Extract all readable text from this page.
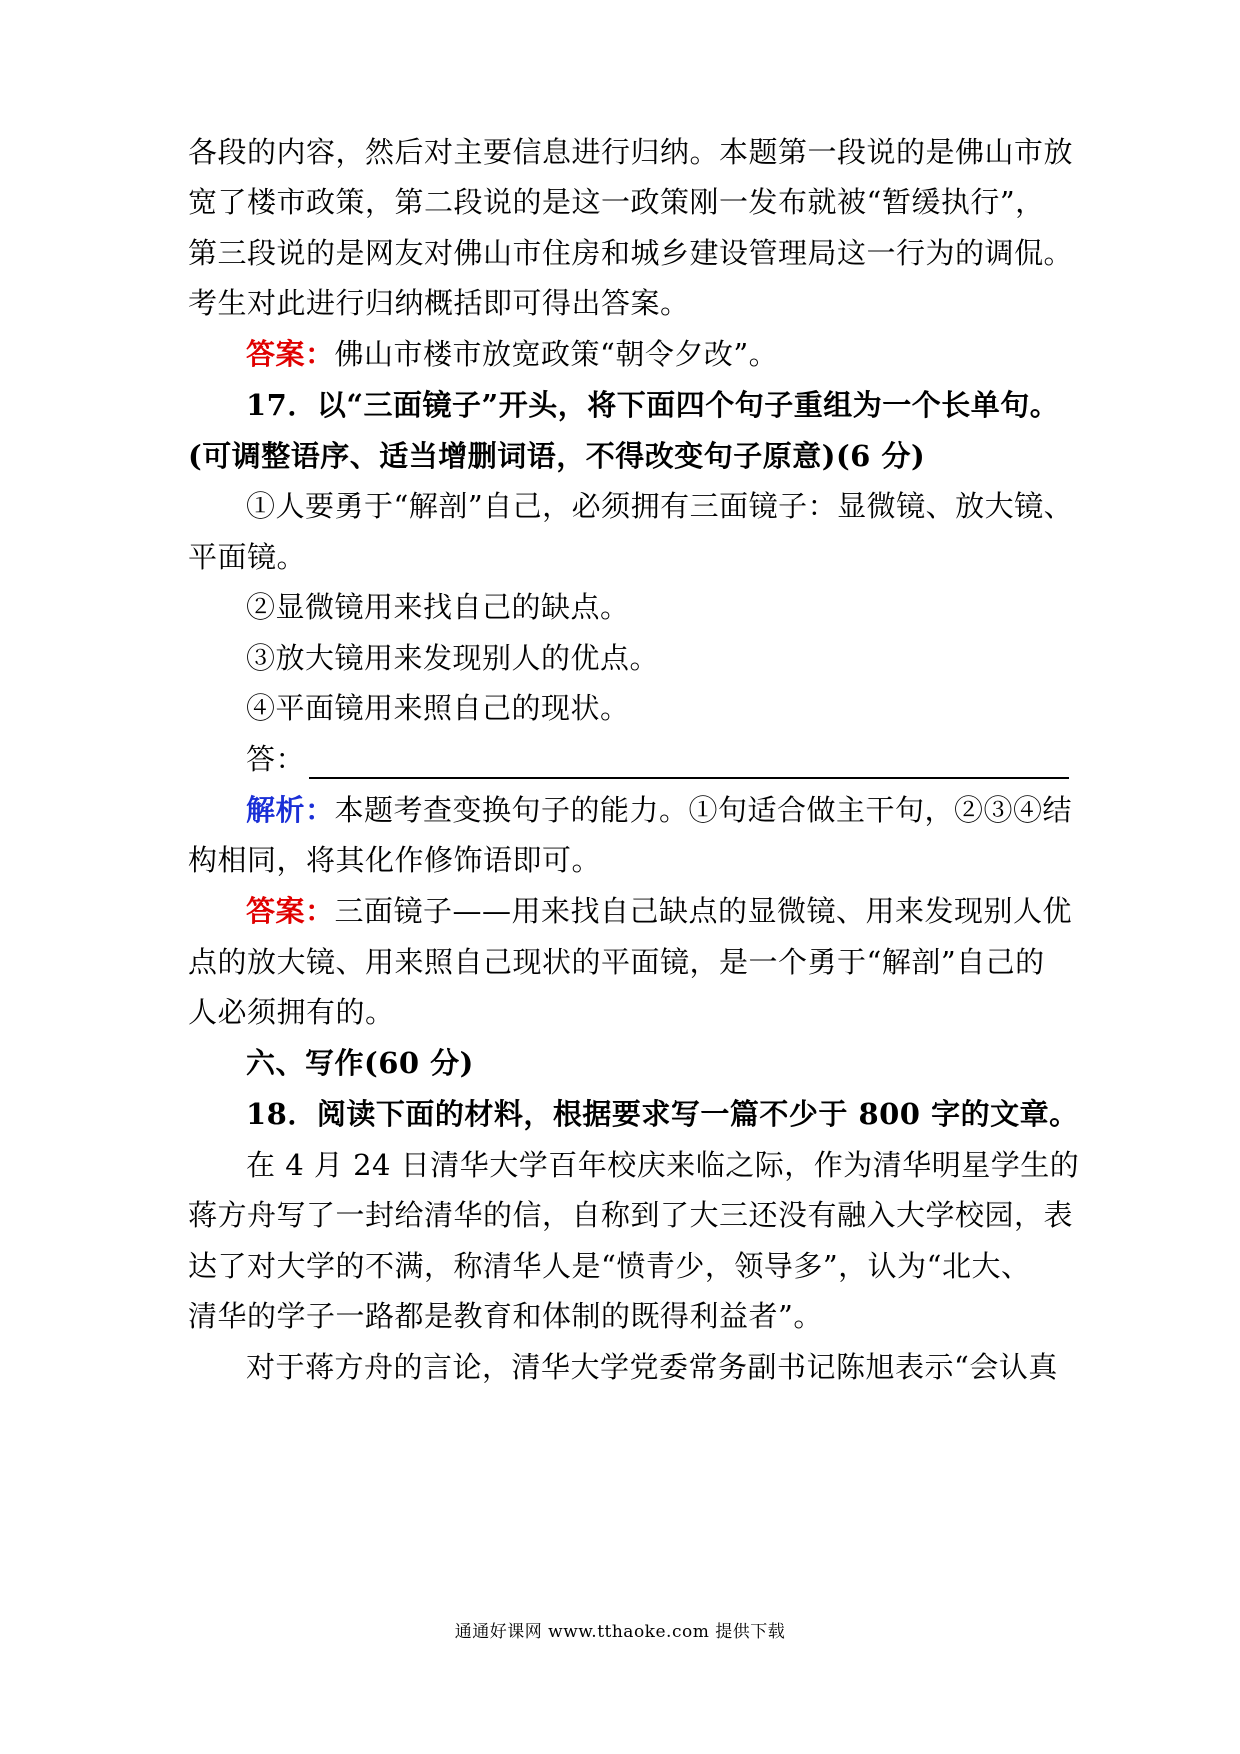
各段的内容，然后对主要信息进行归纳。本题第一段说的是佛山市放
宽了楼市政策，第二段说的是这一政策刚一发布就被“暂缓执行”，
第三段说的是网友对佛山市住房和城乡建设管理局这一行为的调侃。
考生对此进行归纳概括即可得出答案。
答案：佛山市楼市放宽政策“朝令夕改”。
17．以“三面镜子”开头，将下面四个句子重组为一个长单句。
(可调整语序、适当增删词语，不得改变句子原意)(6 分)
①人要勇于“解剖”自己，必须拥有三面镜子：显微镜、放大镜、
平面镜。
②显微镜用来找自己的缺点。
③放大镜用来发现别人的优点。
④平面镜用来照自己的现状。
答：
解析：本题考查变换句子的能力。①句适合做主干句，②③④结
构相同，将其化作修饰语即可。
答案：三面镜子——用来找自己缺点的显微镜、用来发现别人优
点的放大镜、用来照自己现状的平面镜，是一个勇于“解剖”自己的
人必须拥有的。
六、写作(60 分)
18．阅读下面的材料，根据要求写一篇不少于 800 字的文章。
在 4 月 24 日清华大学百年校庆来临之际，作为清华明星学生的
蒋方舟写了一封给清华的信，自称到了大三还没有融入大学校园，表
达了对大学的不满，称清华人是“愤青少，领导多”，认为“北大、
清华的学子一路都是教育和体制的既得利益者”。
对于蒋方舟的言论，清华大学党委常务副书记陈旭表示“会认真
通通好课网 www.tthaoke.com 提供下载
